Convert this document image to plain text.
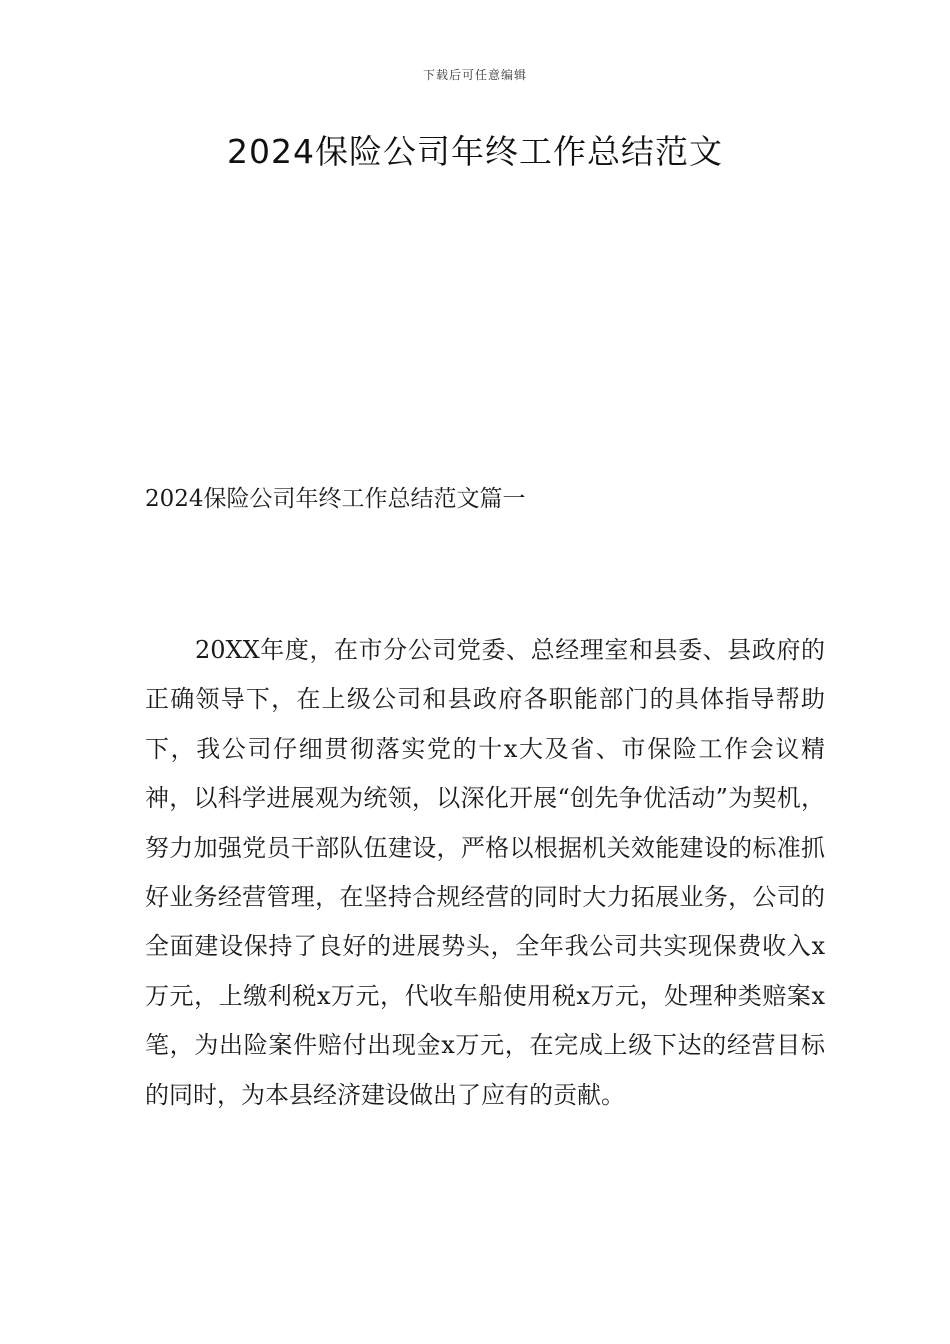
下载后可任意编辑
2024保险公司年终工作总结范文
2024保险公司年终工作总结范文篇一

20XX年度，在市分公司党委、总经理室和县委、县政府的正确领导下，在上级公司和县政府各职能部门的具体指导帮助下，我公司仔细贯彻落实党的十x大及省、市保险工作会议精神，以科学进展观为统领，以深化开展“创先争优活动”为契机，努力加强党员干部队伍建设，严格以根据机关效能建设的标准抓好业务经营管理，在坚持合规经营的同时大力拓展业务，公司的全面建设保持了良好的进展势头，全年我公司共实现保费收入x万元，上缴利税x万元，代收车船使用税x万元，处理种类赔案x笔，为出险案件赔付出现金x万元，在完成上级下达的经营目标的同时，为本县经济建设做出了应有的贡献。
